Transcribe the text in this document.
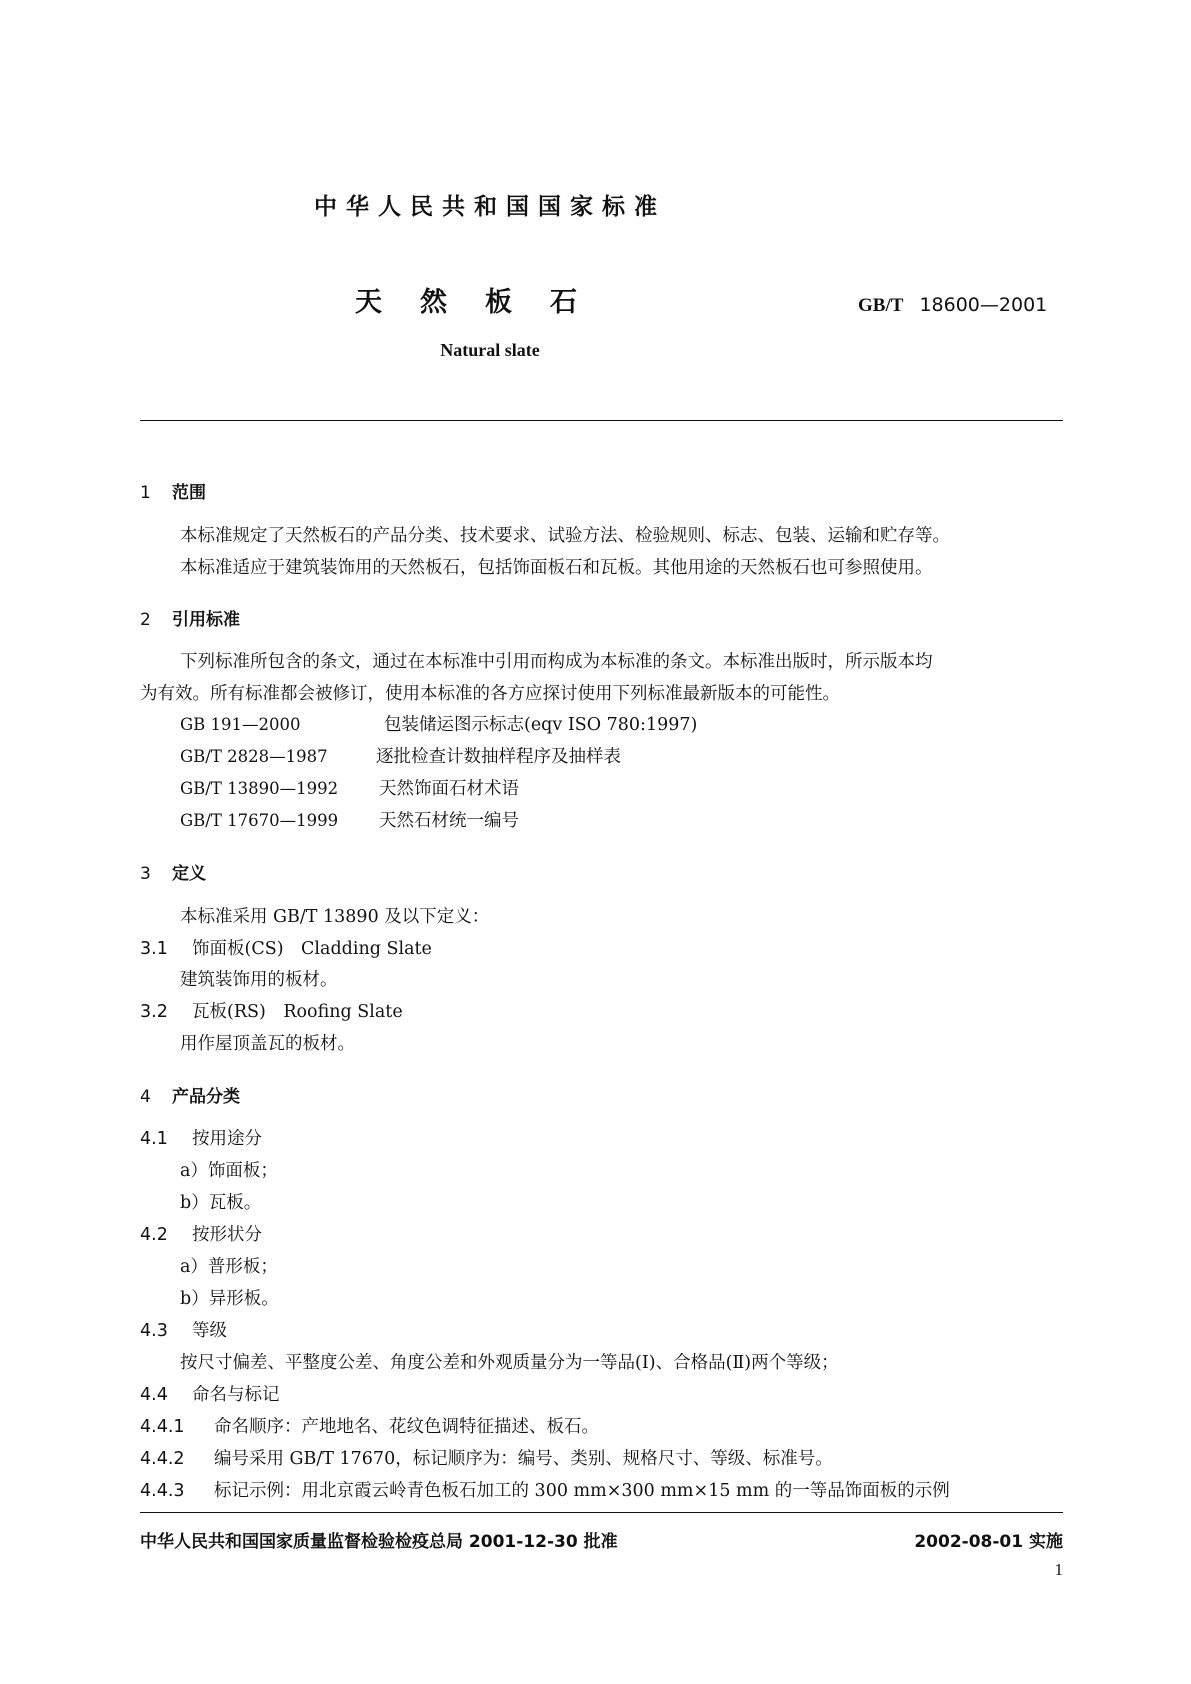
中华人民共和国国家标准
天然板石	GB/T 18600—2001
Natural slate
1 范围
本标准规定了天然板石的产品分类、技术要求、试验方法、检验规则、标志、包装、运输和贮存等。
本标准适应于建筑装饰用的天然板石，包括饰面板石和瓦板。其他用途的天然板石也可参照使用。
2 引用标准
下列标准所包含的条文，通过在本标准中引用而构成为本标准的条文。本标准出版时，所示版本均
为有效。所有标准都会被修订，使用本标准的各方应探讨使用下列标准最新版本的可能性。
GB 191—2000	包装储运图示标志(eqv ISO 780:1997)
GB/T 2828—1987	逐批检查计数抽样程序及抽样表
GB/T 13890—1992 天然饰面石材术语
GB/T 17670—1999 天然石材统一编号
3 定义
本标准采用 GB/T 13890 及以下定义：
3.1 饰面板(CS)　Cladding Slate
建筑装饰用的板材。
3.2 瓦板(RS)　Roofing Slate
用作屋顶盖瓦的板材。
4 产品分类
4.1 按用途分
a）饰面板；
b）瓦板。
4.2 按形状分
a）普形板；
b）异形板。
4.3 等级
按尺寸偏差、平整度公差、角度公差和外观质量分为一等品(Ⅰ)、合格品(Ⅱ)两个等级；
4.4 命名与标记
4.4.1 命名顺序：产地地名、花纹色调特征描述、板石。
4.4.2 编号采用 GB/T 17670，标记顺序为：编号、类别、规格尺寸、等级、标准号。
4.4.3 标记示例：用北京霞云岭青色板石加工的 300 mm×300 mm×15 mm 的一等品饰面板的示例
中华人民共和国国家质量监督检验检疫总局 2001-12-30 批准	2002-08-01 实施
1
